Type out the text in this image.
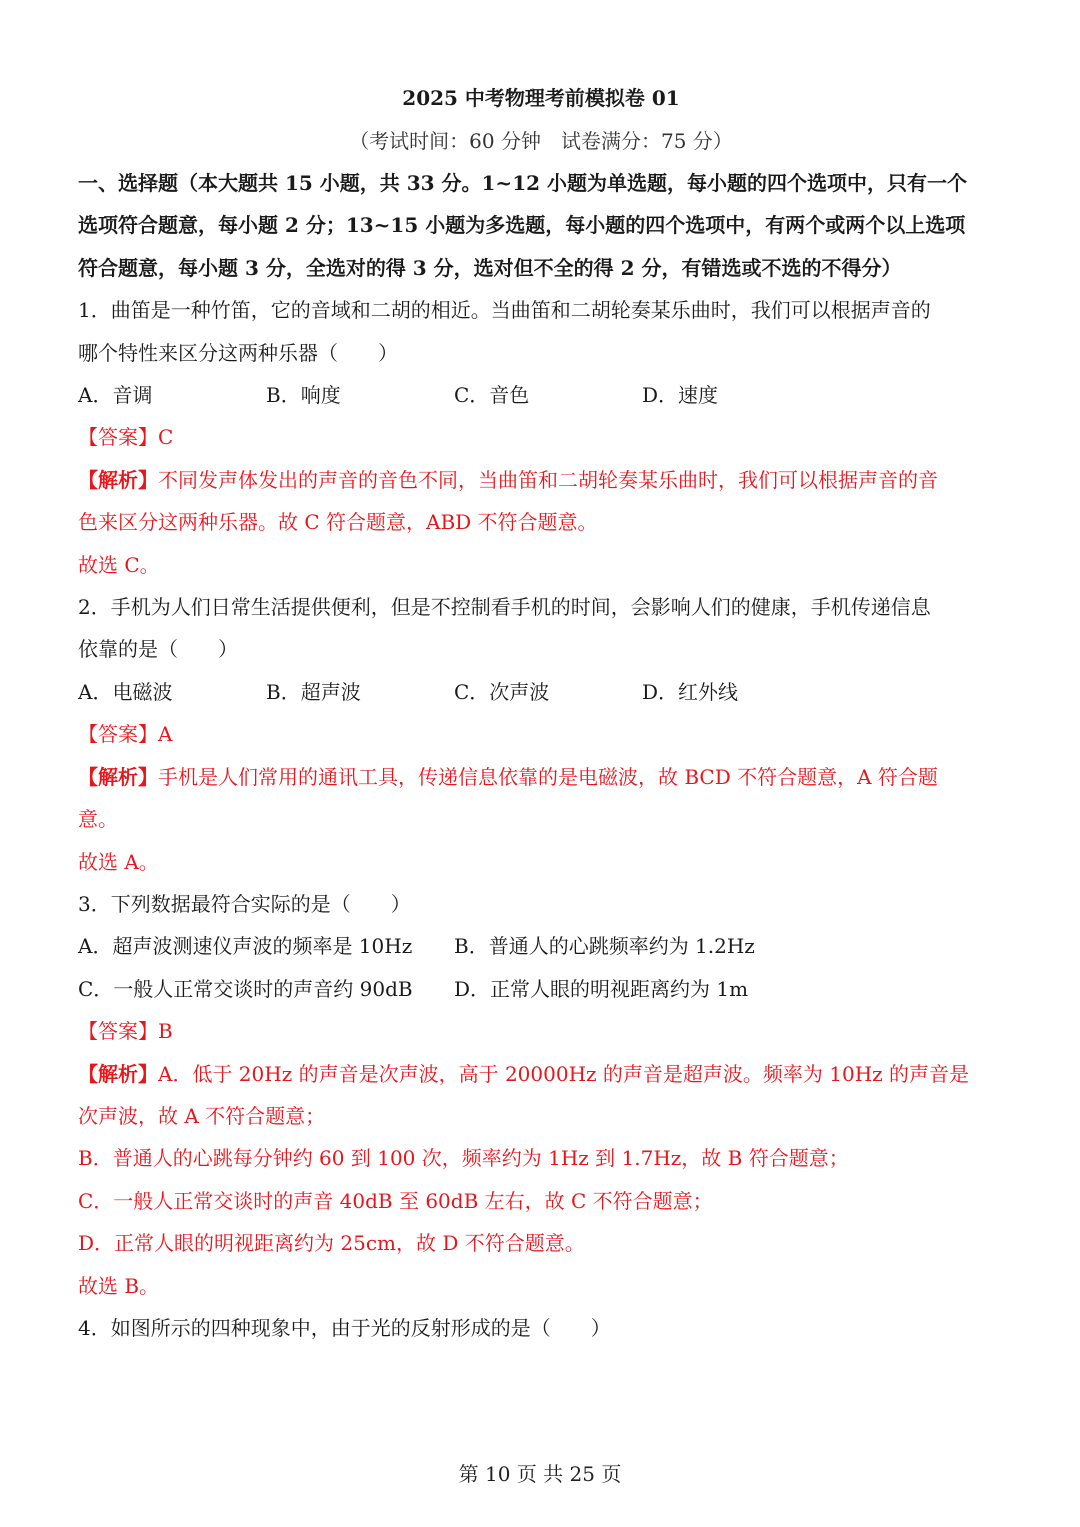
2025 中考物理考前模拟卷 01
（考试时间：60 分钟　试卷满分：75 分）
一、选择题（本大题共 15 小题，共 33 分。1~12 小题为单选题，每小题的四个选项中，只有一个
选项符合题意，每小题 2 分；13~15 小题为多选题，每小题的四个选项中，有两个或两个以上选项
符合题意，每小题 3 分，全选对的得 3 分，选对但不全的得 2 分，有错选或不选的不得分）
1．曲笛是一种竹笛，它的音域和二胡的相近。当曲笛和二胡轮奏某乐曲时，我们可以根据声音的
哪个特性来区分这两种乐器（　　）
A．音调	B．响度	C．音色	D．速度
【答案】C
【解析】不同发声体发出的声音的音色不同，当曲笛和二胡轮奏某乐曲时，我们可以根据声音的音
色来区分这两种乐器。故 C 符合题意，ABD 不符合题意。
故选 C。
2．手机为人们日常生活提供便利，但是不控制看手机的时间，会影响人们的健康，手机传递信息
依靠的是（　　）
A．电磁波	B．超声波	C．次声波	D．红外线
【答案】A
【解析】手机是人们常用的通讯工具，传递信息依靠的是电磁波，故 BCD 不符合题意，A 符合题
意。
故选 A。
3．下列数据最符合实际的是（　　）
A．超声波测速仪声波的频率是 10Hz	B．普通人的心跳频率约为 1.2Hz
C．一般人正常交谈时的声音约 90dB	D．正常人眼的明视距离约为 1m
【答案】B
【解析】A．低于 20Hz 的声音是次声波，高于 20000Hz 的声音是超声波。频率为 10Hz 的声音是
次声波，故 A 不符合题意；
B．普通人的心跳每分钟约 60 到 100 次，频率约为 1Hz 到 1.7Hz，故 B 符合题意；
C．一般人正常交谈时的声音 40dB 至 60dB 左右，故 C 不符合题意；
D．正常人眼的明视距离约为 25cm，故 D 不符合题意。
故选 B。
4．如图所示的四种现象中，由于光的反射形成的是（　　）
第 10 页 共 25 页
